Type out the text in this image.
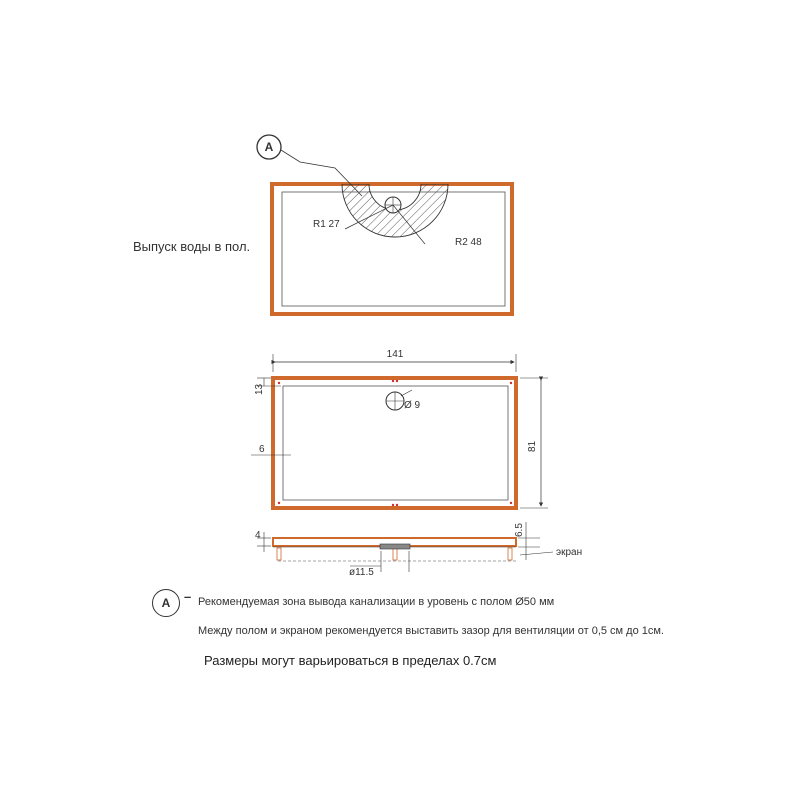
R1 27
R2 48
A
Выпуск воды в пол.
Ø 9
141
81
13
6
ø11.5
4	6.5
экран
A	– Рекомендуемая зона вывода канализации в уровень с полом Ø50 мм
Между полом и экраном рекомендуется выставить зазор для вентиляции от 0,5 см до 1см.
Размеры могут варьироваться в пределах 0.7см
